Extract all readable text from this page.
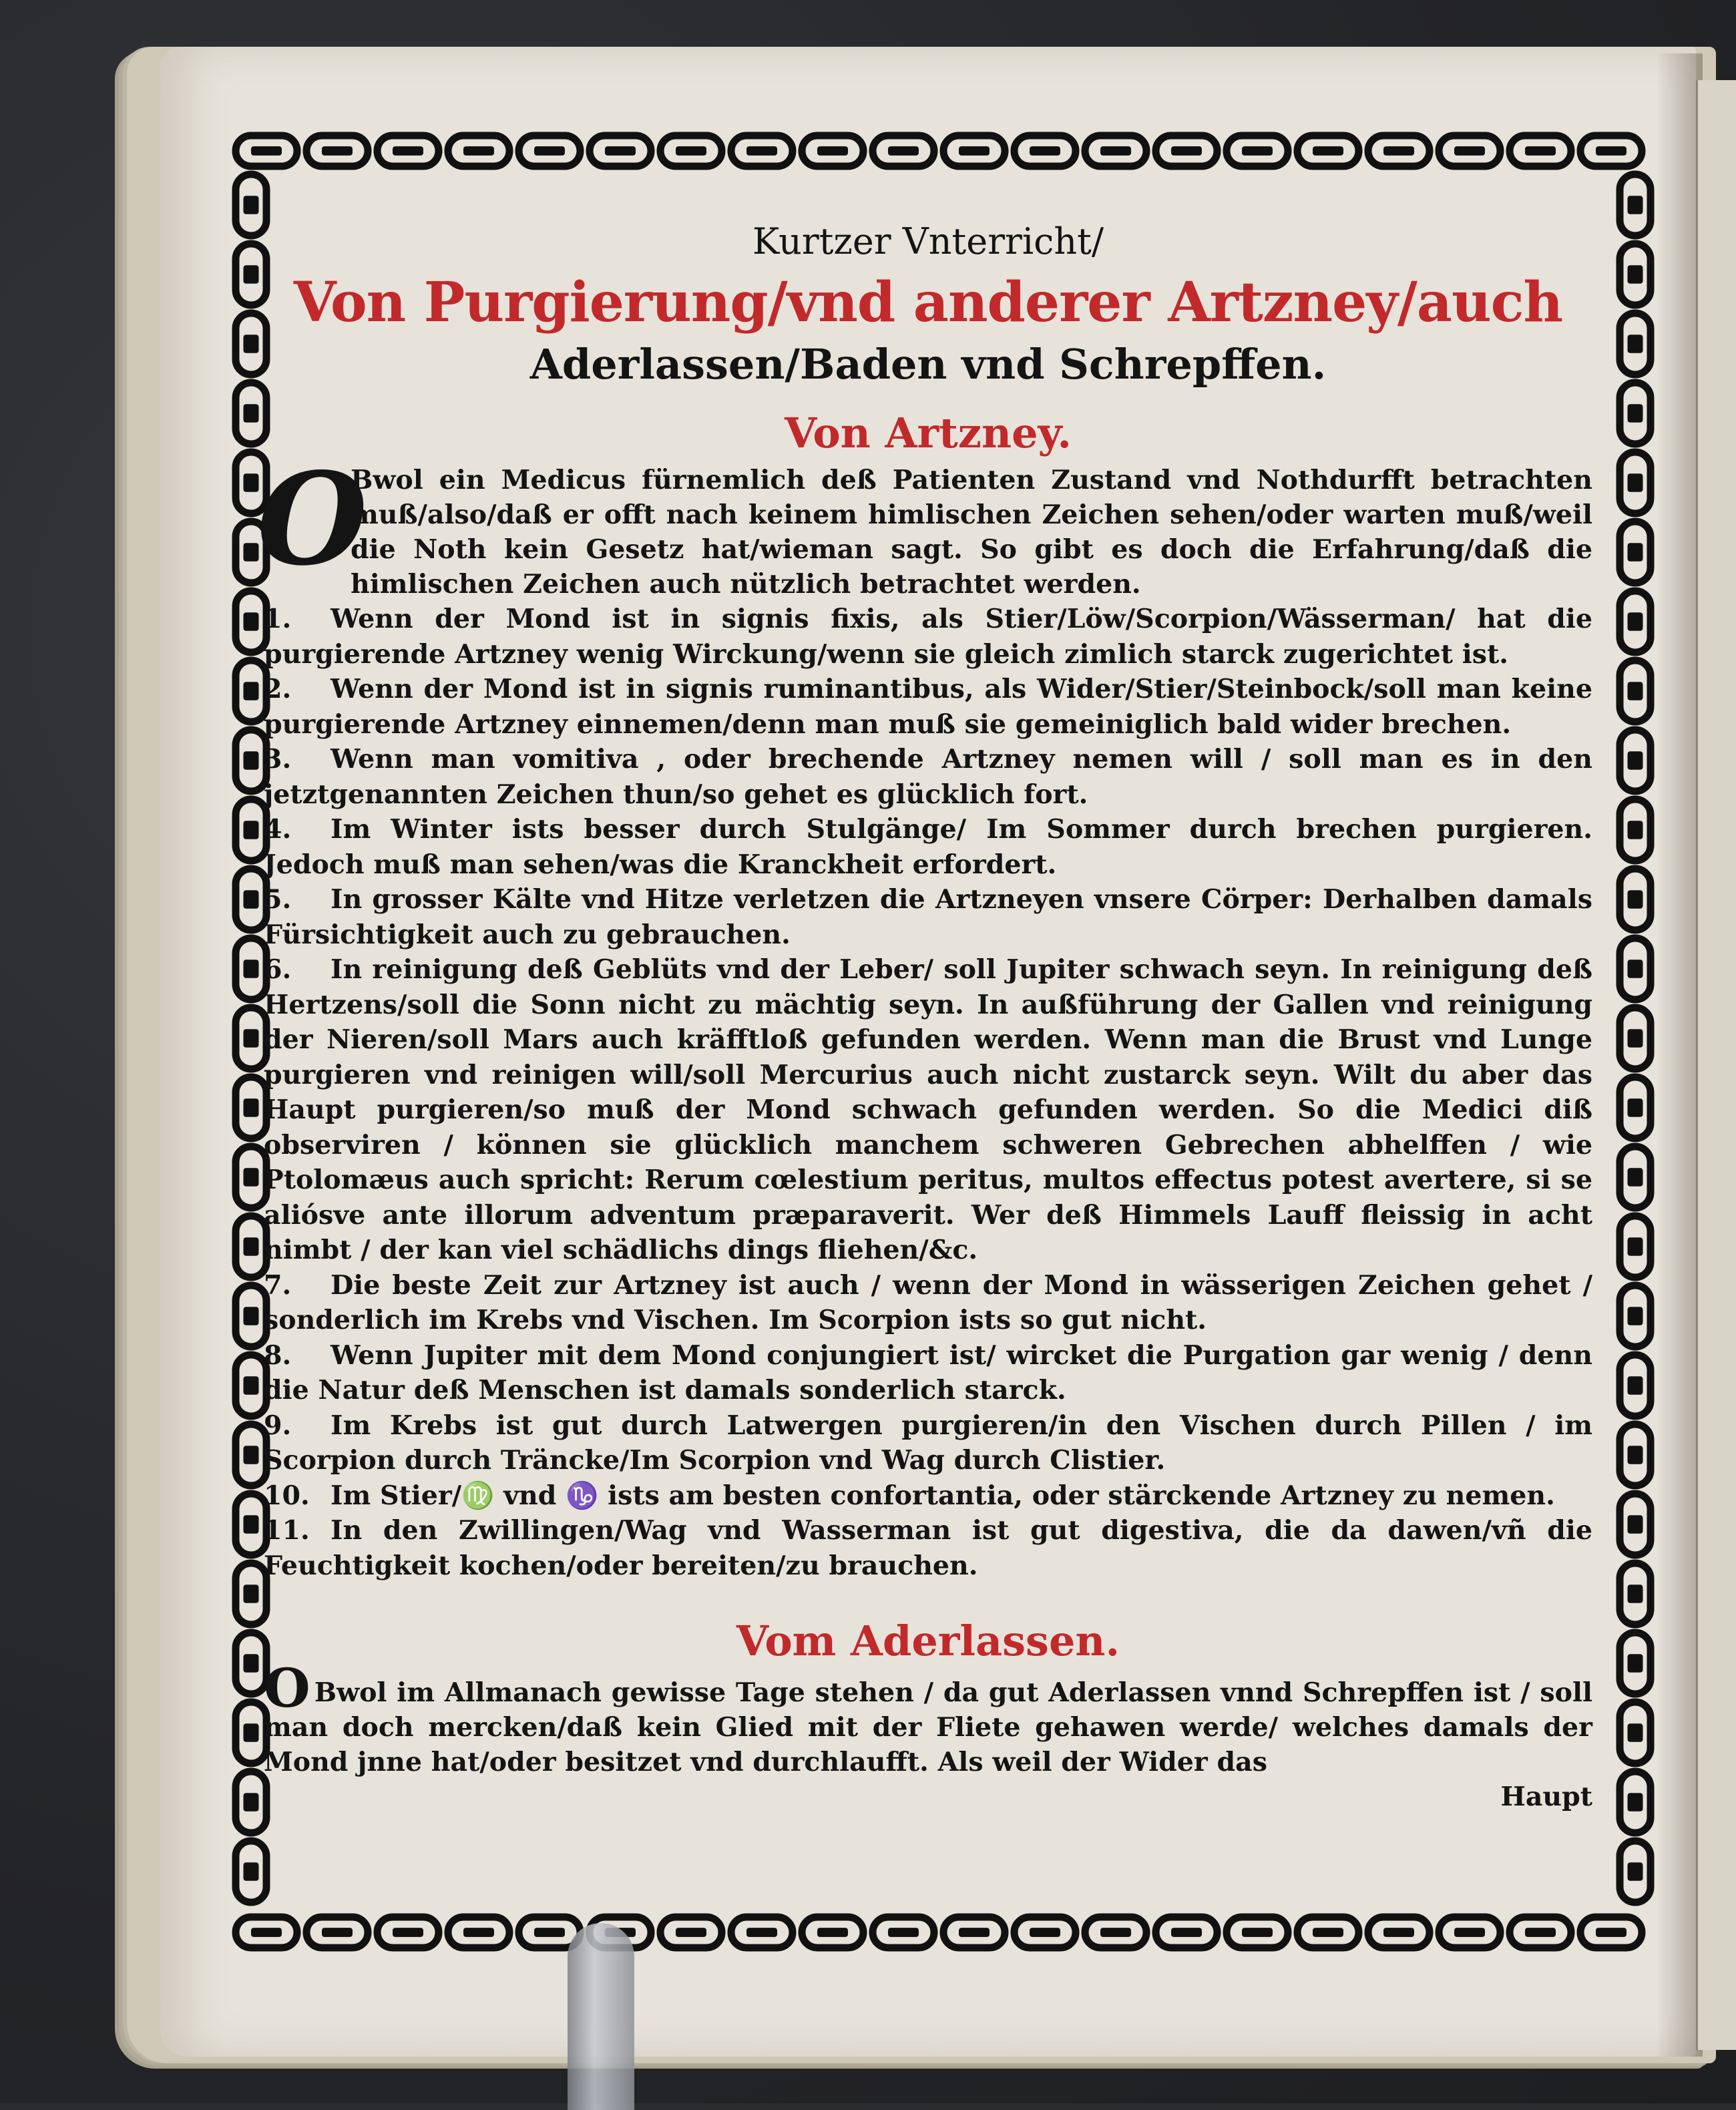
Kurtzer Vnterricht/
Von Purgierung/vnd anderer Artzney/auch
Aderlassen/Baden vnd Schrepffen.
Von Artzney.

O
Bwol ein Medicus fürnemlich deß Patienten Zustand vnd Nothdurfft betrachten muß/also/daß er offt nach keinem himlischen Zeichen sehen/oder warten muß/weil die Noth kein Gesetz hat/wieman sagt. So gibt es doch die Erfahrung/daß die himlischen Zeichen auch nützlich betrachtet werden.

1. Wenn der Mond ist in signis fixis, als Stier/Löw/Scorpion/Wässerman/ hat die purgierende Artzney wenig Wirckung/wenn sie gleich zimlich starck zugerichtet ist.

2. Wenn der Mond ist in signis ruminantibus, als Wider/Stier/Steinbock/soll man keine purgierende Artzney einnemen/denn man muß sie gemeiniglich bald wider brechen.

3. Wenn man vomitiva , oder brechende Artzney nemen will / soll man es in den jetztgenannten Zeichen thun/so gehet es glücklich fort.

4. Im Winter ists besser durch Stulgänge/ Im Sommer durch brechen purgieren. Jedoch muß man sehen/was die Kranckheit erfordert.

5. In grosser Kälte vnd Hitze verletzen die Artzneyen vnsere Cörper: Derhalben damals Fürsichtigkeit auch zu gebrauchen.

6. In reinigung deß Geblüts vnd der Leber/ soll Jupiter schwach seyn. In reinigung deß Hertzens/soll die Sonn nicht zu mächtig seyn. In außführung der Gallen vnd reinigung der Nieren/soll Mars auch kräfftloß gefunden werden. Wenn man die Brust vnd Lunge purgieren vnd reinigen will/soll Mercurius auch nicht zustarck seyn. Wilt du aber das Haupt purgieren/so muß der Mond schwach gefunden werden. So die Medici diß observiren / können sie glücklich manchem schweren Gebrechen abhelffen / wie Ptolomæus auch spricht: Rerum cœlestium peritus, multos effectus potest avertere, si se aliósve ante illorum adventum præparaverit. Wer deß Himmels Lauff fleissig in acht nimbt / der kan viel schädlichs dings fliehen/&c.

7. Die beste Zeit zur Artzney ist auch / wenn der Mond in wässerigen Zeichen gehet / sonderlich im Krebs vnd Vischen. Im Scorpion ists so gut nicht.

8. Wenn Jupiter mit dem Mond conjungiert ist/ wircket die Purgation gar wenig / denn die Natur deß Menschen ist damals sonderlich starck.

9. Im Krebs ist gut durch Latwergen purgieren/in den Vischen durch Pillen / im Scorpion durch Träncke/Im Scorpion vnd Wag durch Clistier.

10. Im Stier/♍ vnd ♑ ists am besten confortantia, oder stärckende Artzney zu nemen.

11. In den Zwillingen/Wag vnd Wasserman ist gut digestiva, die da dawen/vñ die Feuchtigkeit kochen/oder bereiten/zu brauchen.

Vom Aderlassen.

O Bwol im Allmanach gewisse Tage stehen / da gut Aderlassen vnnd Schrepffen ist / soll man doch mercken/daß kein Glied mit der Fliete gehawen werde/ welches damals der Mond jnne hat/oder besitzet vnd durchlaufft. Als weil der Wider das

Haupt
